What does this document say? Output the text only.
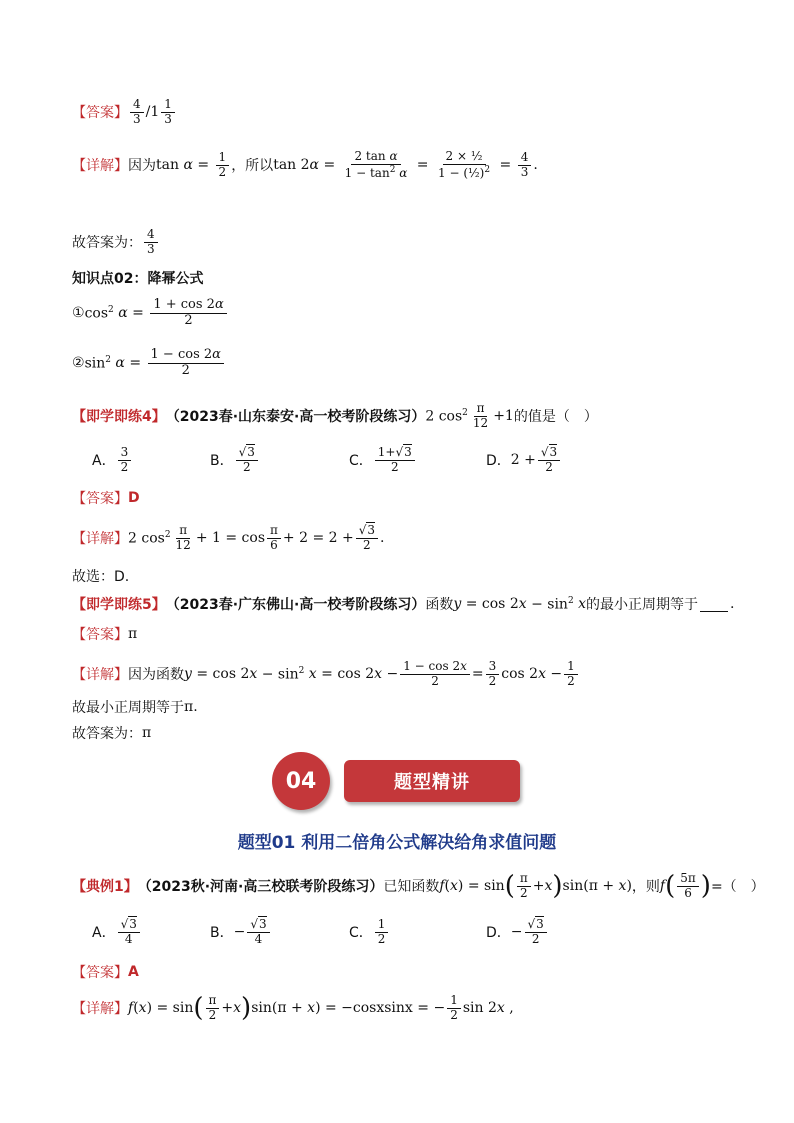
【答案】
4
3 /1
1
3
【详解】 因为 $\tan \alpha = \frac{1}{2}$ ，所以 tan 2 $\alpha = \frac{\text{2 tan α}}{1 - \tan^2 \alpha} = \frac{\text{2 × ½}}{1 - (\frac{1}{2})^2} = \frac{4}{3}$ .
故答案为：
4
3
知识点02：降幂公式
① $\cos^2 \alpha = \frac{1 + \cos 2\alpha}{2}$
② $\sin^2 \alpha = \frac{1 - \cos 2\alpha}{2}$
【即学即练4】 （2023春·山东泰安·高一校考阶段练习） 2 $\cos^2 \pi$
12 +1 的值是（　）
A．
3
2	B．
√3
2	C．
1+√3
2	D． $2 + \frac{√3}{2}$
【答案】 D
【详解】 2 $\cos^2 \pi$
12 + 1 = cos
π
$6 + 2 = 2 + \frac{√3}{2}$ .
故选：D.
【即学即练5】 （2023春·广东佛山·高一校考阶段练习） 函数 y = cos 2 $x - \sin^2 x$ 的最小正周期等于 .
【答案】 π
【详解】 因为函数 y = cos 2 $x - \sin^2 x = \cos 2$ $x - \frac{1 - \cos 2x}{2} = \frac{3}{2}$ cos 2 $x - \frac{1}{2}$
故最小正周期等于 π .
故答案为： π
04	题型精讲
题型01 利用二倍角公式解决给角求值问题
【典例1】 （2023秋·河南·高三校联考阶段练习） 已知函数 f ( x ) = sin ( π
2 + x ) sin(π + x ) ，则 f ( 5π
6 ) =（　）
A．
√3
4	B． − $\frac{√3}{4}$	C．
1
2	D． − $\frac{√3}{2}$
【答案】 A
【详解】 f ( x ) = sin ( π
2 + x ) sin(π + x ) = −cosxsinx = − $\frac{1}{2}$ sin 2 x ,
